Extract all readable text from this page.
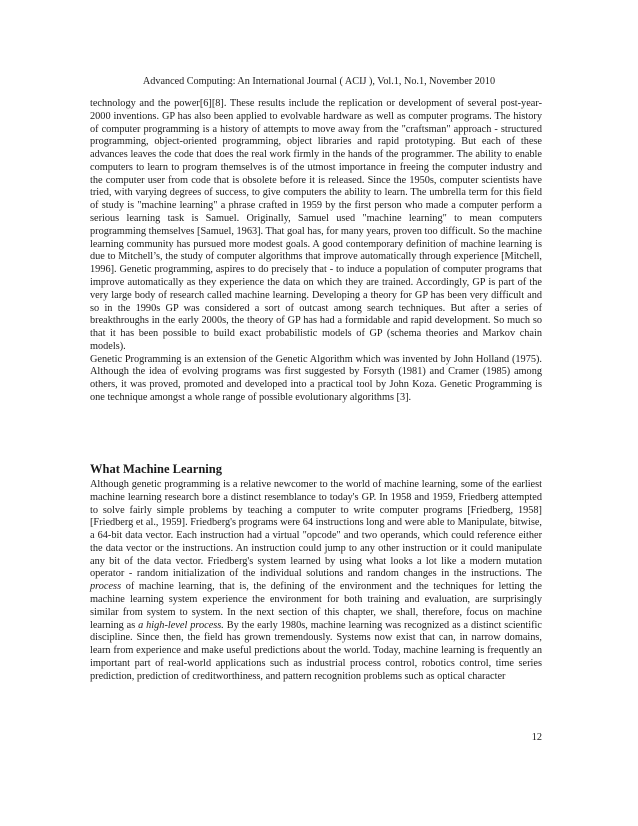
Advanced Computing: An International Journal ( ACIJ ), Vol.1, No.1, November 2010

technology and the power[6][8]. These results include the replication or development of several post-year-2000 inventions. GP has also been applied to evolvable hardware as well as computer programs. The history of computer programming is a history of attempts to move away from the "craftsman" approach - structured programming, object-oriented programming, object libraries and rapid prototyping. But each of these advances leaves the code that does the real work firmly in the hands of the programmer. The ability to enable computers to learn to program themselves is of the utmost importance in freeing the computer industry and the computer user from code that is obsolete before it is released. Since the 1950s, computer scientists have tried, with varying degrees of success, to give computers the ability to learn. The umbrella term for this field of study is "machine learning" a phrase crafted in 1959 by the first person who made a computer perform a serious learning task is Samuel. Originally, Samuel used "machine learning" to mean computers programming themselves [Samuel, 1963]. That goal has, for many years, proven too difficult. So the machine learning community has pursued more modest goals. A good contemporary definition of machine learning is due to Mitchell’s, the study of computer algorithms that improve automatically through experience [Mitchell, 1996]. Genetic programming, aspires to do precisely that - to induce a population of computer programs that improve automatically as they experience the data on which they are trained. Accordingly, GP is part of the very large body of research called machine learning. Developing a theory for GP has been very difficult and so in the 1990s GP was considered a sort of outcast among search techniques. But after a series of breakthroughs in the early 2000s, the theory of GP has had a formidable and rapid development. So much so that it has been possible to build exact probabilistic models of GP (schema theories and Markov chain models).

Genetic Programming is an extension of the Genetic Algorithm which was invented by John Holland (1975). Although the idea of evolving programs was first suggested by Forsyth (1981) and Cramer (1985) among others, it was proved, promoted and developed into a practical tool by John Koza. Genetic Programming is one technique amongst a whole range of possible evolutionary algorithms [3].

What Machine Learning

Although genetic programming is a relative newcomer to the world of machine learning, some of the earliest machine learning research bore a distinct resemblance to today's GP. In 1958 and 1959, Friedberg attempted to solve fairly simple problems by teaching a computer to write computer programs [Friedberg, 1958] [Friedberg et al., 1959]. Friedberg's programs were 64 instructions long and were able to Manipulate, bitwise, a 64-bit data vector. Each instruction had a virtual "opcode" and two operands, which could reference either the data vector or the instructions. An instruction could jump to any other instruction or it could manipulate any bit of the data vector. Friedberg's system learned by using what looks a lot like a modern mutation operator - random initialization of the individual solutions and random changes in the instructions. The process of machine learning, that is, the defining of the environment and the techniques for letting the machine learning system experience the environment for both training and evaluation, are surprisingly similar from system to system. In the next section of this chapter, we shall, therefore, focus on machine learning as a high-level process. By the early 1980s, machine learning was recognized as a distinct scientific discipline. Since then, the field has grown tremendously. Systems now exist that can, in narrow domains, learn from experience and make useful predictions about the world. Today, machine learning is frequently an important part of real-world applications such as industrial process control, robotics control, time series prediction, prediction of creditworthiness, and pattern recognition problems such as optical character

12
